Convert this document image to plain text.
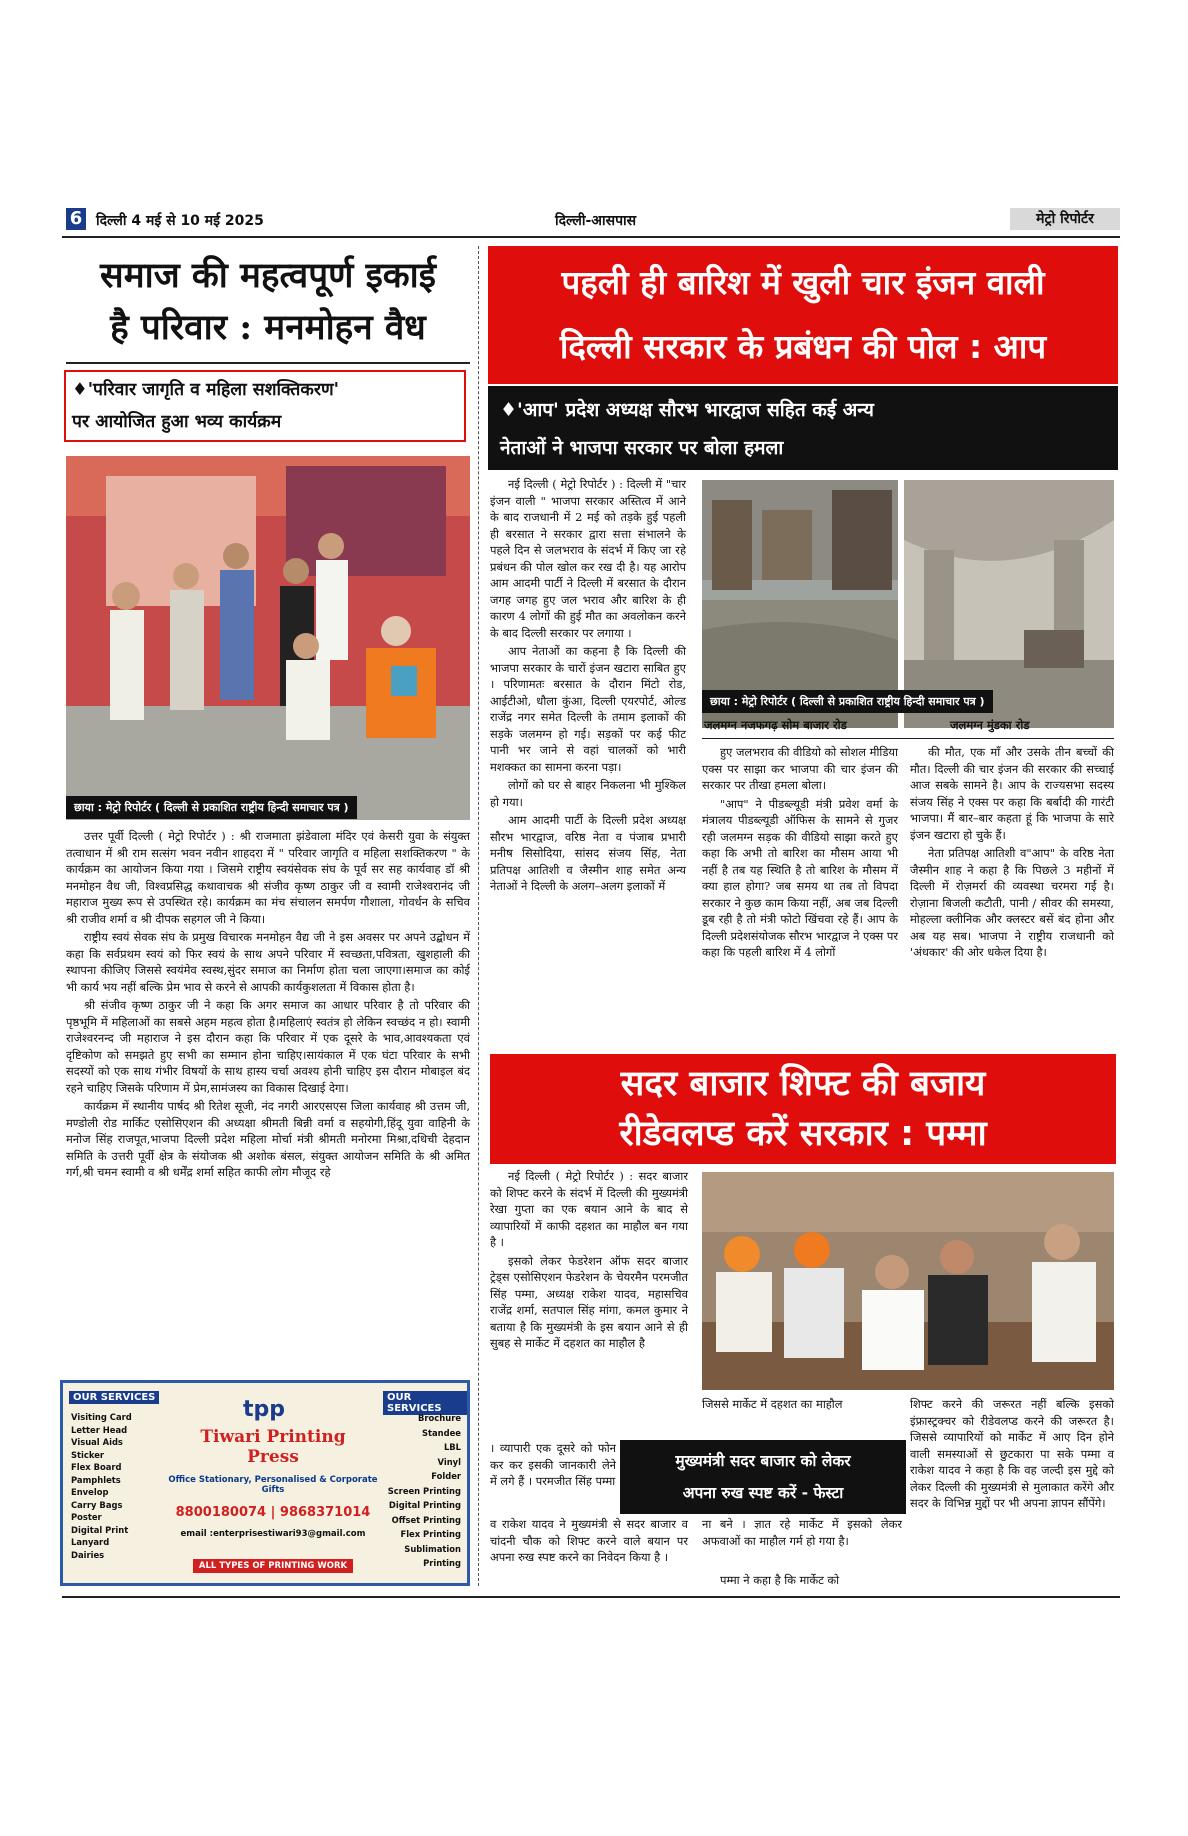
6 दिल्ली 4 मई से 10 मई 2025	दिल्ली-आसपास	मेट्रो रिपोर्टर
समाज की महत्वपूर्ण इकाई
है परिवार : मनमोहन वैध
♦'परिवार जागृति व महिला सशक्तिकरण'
पर आयोजित हुआ भव्य कार्यक्रम
छाया : मेट्रो रिपोर्टर ( दिल्ली से प्रकाशित राष्ट्रीय हिन्दी समाचार पत्र )

उत्तर पूर्वी दिल्ली ( मेट्रो रिपोर्टर ) : श्री राजमाता झंडेवाला मंदिर एवं केसरी युवा के संयुक्त तत्वाधान में श्री राम सत्संग भवन नवीन शाहदरा में " परिवार जागृति व महिला सशक्तिकरण " के कार्यक्रम का आयोजन किया गया । जिसमे राष्ट्रीय स्वयंसेवक संघ के पूर्व सर सह कार्यवाह डॉ श्री मनमोहन वैध जी, विश्वप्रसिद्ध कथावाचक श्री संजीव कृष्ण ठाकुर जी व स्वामी राजेश्वरानंद जी महाराज मुख्य रूप से उपस्थित रहे। कार्यक्रम का मंच संचालन समर्पण गौशाला, गोवर्धन के सचिव श्री राजीव शर्मा व श्री दीपक सहगल जी ने किया।

राष्ट्रीय स्वयं सेवक संघ के प्रमुख विचारक मनमोहन वैद्य जी ने इस अवसर पर अपने उद्बोधन में कहा कि सर्वप्रथम स्वयं को फिर स्वयं के साथ अपने परिवार में स्वच्छता,पवित्रता, खुशहाली की स्थापना कीजिए जिससे स्वयंमेव स्वस्थ,सुंदर समाज का निर्माण होता चला जाएगा।समाज का कोई भी कार्य भय नहीं बल्कि प्रेम भाव से करने से आपकी कार्यकुशलता में विकास होता है।

श्री संजीव कृष्ण ठाकुर जी ने कहा कि अगर समाज का आधार परिवार है तो परिवार की पृष्ठभूमि में महिलाओं का सबसे अहम महत्व होता है।महिलाएं स्वतंत्र हो लेकिन स्वच्छंद न हो। स्वामी राजेश्वरनन्द जी महाराज ने इस दौरान कहा कि परिवार में एक दूसरे के भाव,आवश्यकता एवं दृष्टिकोण को समझते हुए सभी का सम्मान होना चाहिए।सायंकाल में एक घंटा परिवार के सभी सदस्यों को एक साथ गंभीर विषयों के साथ हास्य चर्चा अवश्य होनी चाहिए इस दौरान मोबाइल बंद रहने चाहिए जिसके परिणाम में प्रेम,सामंजस्य का विकास दिखाई देगा।

कार्यक्रम में स्थानीय पार्षद श्री रितेश सूजी, नंद नगरी आरएसएस जिला कार्यवाह श्री उत्तम जी, मण्डोली रोड मार्किट एसोसिएशन की अध्यक्षा श्रीमती बिन्नी वर्मा व सहयोगी,हिंदू युवा वाहिनी के मनोज सिंह राजपूत,भाजपा दिल्ली प्रदेश महिला मोर्चा मंत्री श्रीमती मनोरमा मिश्रा,दधिची देहदान समिति के उत्तरी पूर्वी क्षेत्र के संयोजक श्री अशोक बंसल, संयुक्त आयोजन समिति के श्री अमित गर्ग,श्री चमन स्वामी व श्री धर्मेंद्र शर्मा सहित काफी लोग मौजूद रहे

OUR SERVICES
Visiting Card
Letter Head
Visual Aids
Sticker
Flex Board
Pamphlets
Envelop
Carry Bags
Poster
Digital Print
Lanyard
Dairies
tpp
Tiwari Printing Press
Office Stationary, Personalised & Corporate Gifts
8800180074 | 9868371014
email :enterprisestiwari93@gmail.com
ALL TYPES OF PRINTING WORK
OUR SERVICES
Brochure
Standee
LBL
Vinyl
Folder
Screen Printing
Digital Printing
Offset Printing
Flex Printing
Sublimation Printing
पहली ही बारिश में खुली चार इंजन वाली
दिल्ली सरकार के प्रबंधन की पोल : आप
♦'आप' प्रदेश अध्यक्ष सौरभ भारद्वाज सहित कई अन्य
नेताओं ने भाजपा सरकार पर बोला हमला

नई दिल्ली ( मेट्रो रिपोर्टर ) : दिल्ली में "चार इंजन वाली " भाजपा सरकार अस्तित्व में आने के बाद राजधानी में 2 मई को तड़के हुई पहली ही बरसात ने सरकार द्वारा सत्ता संभालने के पहले दिन से जलभराव के संदर्भ में किए जा रहे प्रबंधन की पोल खोल कर रख दी है। यह आरोप आम आदमी पार्टी ने दिल्ली में बरसात के दौरान जगह जगह हुए जल भराव और बारिश के ही कारण 4 लोगों की हुई मौत का अवलोकन करने के बाद दिल्ली सरकार पर लगाया ।

आप नेताओं का कहना है कि दिल्ली की भाजपा सरकार के चारों इंजन खटारा साबित हुए । परिणामतः बरसात के दौरान मिंटो रोड, आईटीओ, धौला कुंआ, दिल्ली एयरपोर्ट, ओल्ड राजेंद्र नगर समेत दिल्ली के तमाम इलाकों की सड़के जलमग्न हो गई। सड़कों पर कई फीट पानी भर जाने से वहां चालकों को भारी मशक्कत का सामना करना पड़ा।

लोगों को घर से बाहर निकलना भी मुश्किल हो गया।

आम आदमी पार्टी के दिल्ली प्रदेश अध्यक्ष सौरभ भारद्वाज, वरिष्ठ नेता व पंजाब प्रभारी मनीष सिसोदिया, सांसद संजय सिंह, नेता प्रतिपक्ष आतिशी व जैस्मीन शाह समेत अन्य नेताओं ने दिल्ली के अलग–अलग इलाकों में

छाया : मेट्रो रिपोर्टर ( दिल्ली से प्रकाशित राष्ट्रीय हिन्दी समाचार पत्र )
जलमग्न नजफगढ़ सोम बाजार रोड	जलमग्न मुंडका रोड

हुए जलभराव की वीडियो को सोशल मीडिया एक्स पर साझा कर भाजपा की चार इंजन की सरकार पर तीखा हमला बोला।

"आप" ने पीडब्ल्यूडी मंत्री प्रवेश वर्मा के मंत्रालय पीडब्ल्यूडी ऑफिस के सामने से गुजर रही जलमग्न सड़क की वीडियो साझा करते हुए कहा कि अभी तो बारिश का मौसम आया भी नहीं है तब यह स्थिति है तो बारिश के मौसम में क्या हाल होगा? जब समय था तब तो विपदा सरकार ने कुछ काम किया नहीं, अब जब दिल्ली डूब रही है तो मंत्री फोटो खिंचवा रहे हैं। आप के दिल्ली प्रदेशसंयोजक सौरभ भारद्वाज ने एक्स पर कहा कि पहली बारिश में 4 लोगों

की मौत, एक माँ और उसके तीन बच्चों की मौत। दिल्ली की चार इंजन की सरकार की सच्चाई आज सबके सामने है। आप के राज्यसभा सदस्य संजय सिंह ने एक्स पर कहा कि बर्बादी की गारंटी भाजपा। मैं बार–बार कहता हूं कि भाजपा के सारे इंजन खटारा हो चुके हैं।

नेता प्रतिपक्ष आतिशी व"आप" के वरिष्ठ नेता जैस्मीन शाह ने कहा है कि पिछले 3 महीनों में दिल्ली में रोज़मर्रा की व्यवस्था चरमरा गई है। रोज़ाना बिजली कटौती, पानी / सीवर की समस्या, मोहल्ला क्लीनिक और क्लस्टर बसें बंद होना और अब यह सब। भाजपा ने राष्ट्रीय राजधानी को 'अंधकार' की ओर धकेल दिया है।

सदर बाजार शिफ्ट की बजाय
रीडेवलप्ड करें सरकार : पम्मा

नई दिल्ली ( मेट्रो रिपोर्टर ) : सदर बाजार को शिफ्ट करने के संदर्भ में दिल्ली की मुख्यमंत्री रेखा गुप्ता का एक बयान आने के बाद से व्यापारियों में काफी दहशत का माहौल बन गया है ।

इसको लेकर फेडरेशन ऑफ सदर बाजार ट्रेड्स एसोसिएशन फेडरेशन के चेयरमैन परमजीत सिंह पम्मा, अध्यक्ष राकेश यादव, महासचिव राजेंद्र शर्मा, सतपाल सिंह मांगा, कमल कुमार ने बताया है कि मुख्यमंत्री के इस बयान आने से ही सुबह से मार्केट में दहशत का माहौल है

। व्यापारी एक दूसरे को फोन कर कर इसकी जानकारी लेने में लगे हैं । परमजीत सिंह पम्मा
व राकेश यादव ने मुख्यमंत्री से सदर बाजार व चांदनी चौक को शिफ्ट करने वाले बयान पर अपना रुख स्पष्ट करने का निवेदन किया है ।
जिससे मार्केट में दहशत का माहौल	शिफ्ट करने की जरूरत नहीं बल्कि इसको इंफ्रास्ट्रक्चर को रीडेवलप्ड करने की जरूरत है। जिससे व्यापारियों को मार्केट में आए दिन होने वाली समस्याओं से छुटकारा पा सके पम्मा व राकेश यादव ने कहा है कि वह जल्दी इस मुद्दे को लेकर दिल्ली की मुख्यमंत्री से मुलाकात करेंगे और सदर के विभिन्न मुद्दों पर भी अपना ज्ञापन सौंपेंगे।
मुख्यमंत्री सदर बाजार को लेकर
अपना रुख स्पष्ट करें - फेस्टा
ना बने । ज्ञात रहे मार्केट में इसको लेकर अफवाओं का माहौल गर्म हो गया है।
पम्मा ने कहा है कि मार्केट को
